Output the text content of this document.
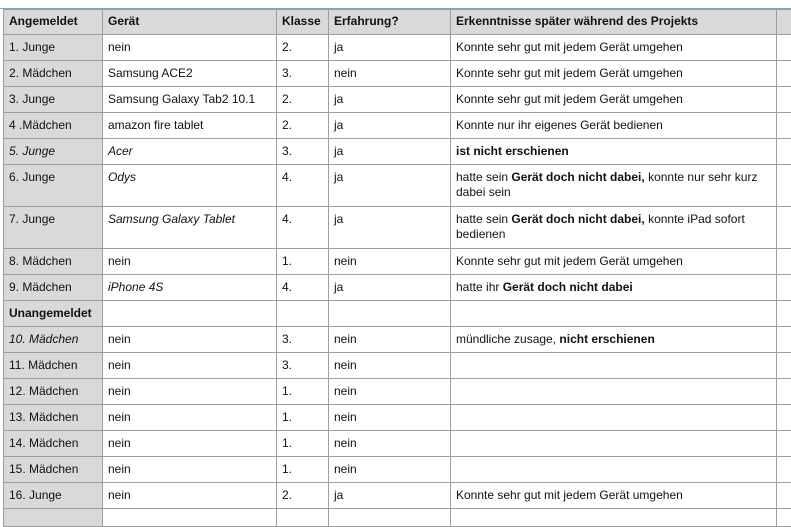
Angemeldet	Gerät	Klasse	Erfahrung?	Erkenntnisse später während des Projekts	
1. Junge	nein	2.	ja	Konnte sehr gut mit jedem Gerät umgehen	
2. Mädchen	Samsung ACE2	3.	nein	Konnte sehr gut mit jedem Gerät umgehen	
3. Junge	Samsung Galaxy Tab2 10.1	2.	ja	Konnte sehr gut mit jedem Gerät umgehen	
4 .Mädchen	amazon fire tablet	2.	ja	Konnte nur ihr eigenes Gerät bedienen	
5. Junge	Acer	3.	ja	ist nicht erschienen	
6. Junge	Odys	4.	ja	hatte sein Gerät doch nicht dabei, konnte nur sehr kurz dabei sein	
7. Junge	Samsung Galaxy Tablet	4.	ja	hatte sein Gerät doch nicht dabei, konnte iPad sofort bedienen	
8. Mädchen	nein	1.	nein	Konnte sehr gut mit jedem Gerät umgehen	
9. Mädchen	iPhone 4S	4.	ja	hatte ihr Gerät doch nicht dabei	
Unangemeldet					
10. Mädchen	nein	3.	nein	mündliche zusage, nicht erschienen	
11. Mädchen	nein	3.	nein		
12. Mädchen	nein	1.	nein		
13. Mädchen	nein	1.	nein		
14. Mädchen	nein	1.	nein		
15. Mädchen	nein	1.	nein		
16. Junge	nein	2.	ja	Konnte sehr gut mit jedem Gerät umgehen	
